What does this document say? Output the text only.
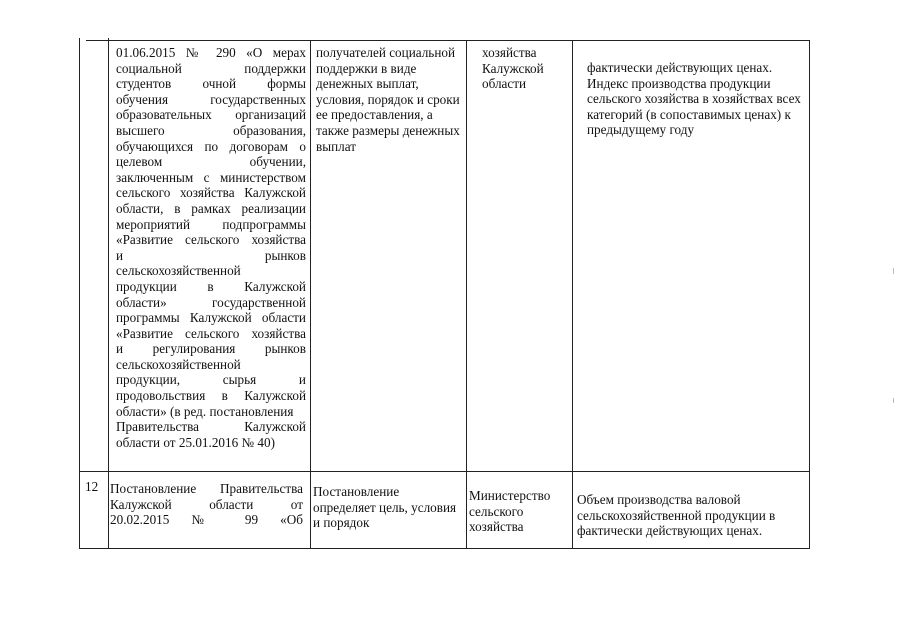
01.06.2015 № 290 «О мерах
социальной поддержки
студентов очной формы
обучения государственных
образовательных организаций
высшего образования,
обучающихся по договорам о
целевом обучении,
заключенным с министерством
сельского хозяйства Калужской
области, в рамках реализации
мероприятий подпрограммы
«Развитие сельского хозяйства
и рынков
сельскохозяйственной
продукции в Калужской
области» государственной
программы Калужской области
«Развитие сельского хозяйства
и регулирования рынков
сельскохозяйственной
продукции, сырья и
продовольствия в Калужской
области» (в ред. постановления
Правительства Калужской
области от 25.01.2016 № 40)
получателей социальной
поддержки в виде
денежных выплат,
условия, порядок и сроки
ее предоставления, а
также размеры денежных
выплат
хозяйства
Калужской
области
фактически действующих ценах.
Индекс производства продукции
сельского хозяйства в хозяйствах всех
категорий (в сопоставимых ценах) к
предыдущему году
12 Постановление Правительства
Калужской области от
20.02.2015 № 99 «Об
Постановление
определяет цель, условия
и порядок
Министерство
сельского
хозяйства
Объем производства валовой
сельскохозяйственной продукции в
фактически действующих ценах.
